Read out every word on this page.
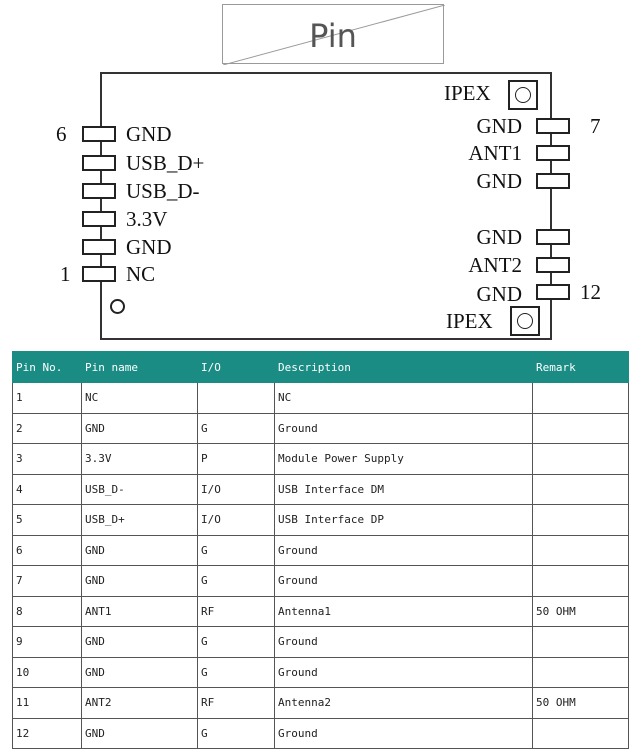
Pin
GND
USB_D+
USB_D-
3.3V
GND
NC
6
1
GND
ANT1
GND
GND
ANT2
GND
7
12
IPEX
IPEX
Pin No.	Pin name	I/O	Description	Remark
1	NC		NC	
2	GND	G	Ground	
3	3.3V	P	Module Power Supply	
4	USB_D-	I/O	USB Interface DM	
5	USB_D+	I/O	USB Interface DP	
6	GND	G	Ground	
7	GND	G	Ground	
8	ANT1	RF	Antenna1	50 OHM
9	GND	G	Ground	
10	GND	G	Ground	
11	ANT2	RF	Antenna2	50 OHM
12	GND	G	Ground	
